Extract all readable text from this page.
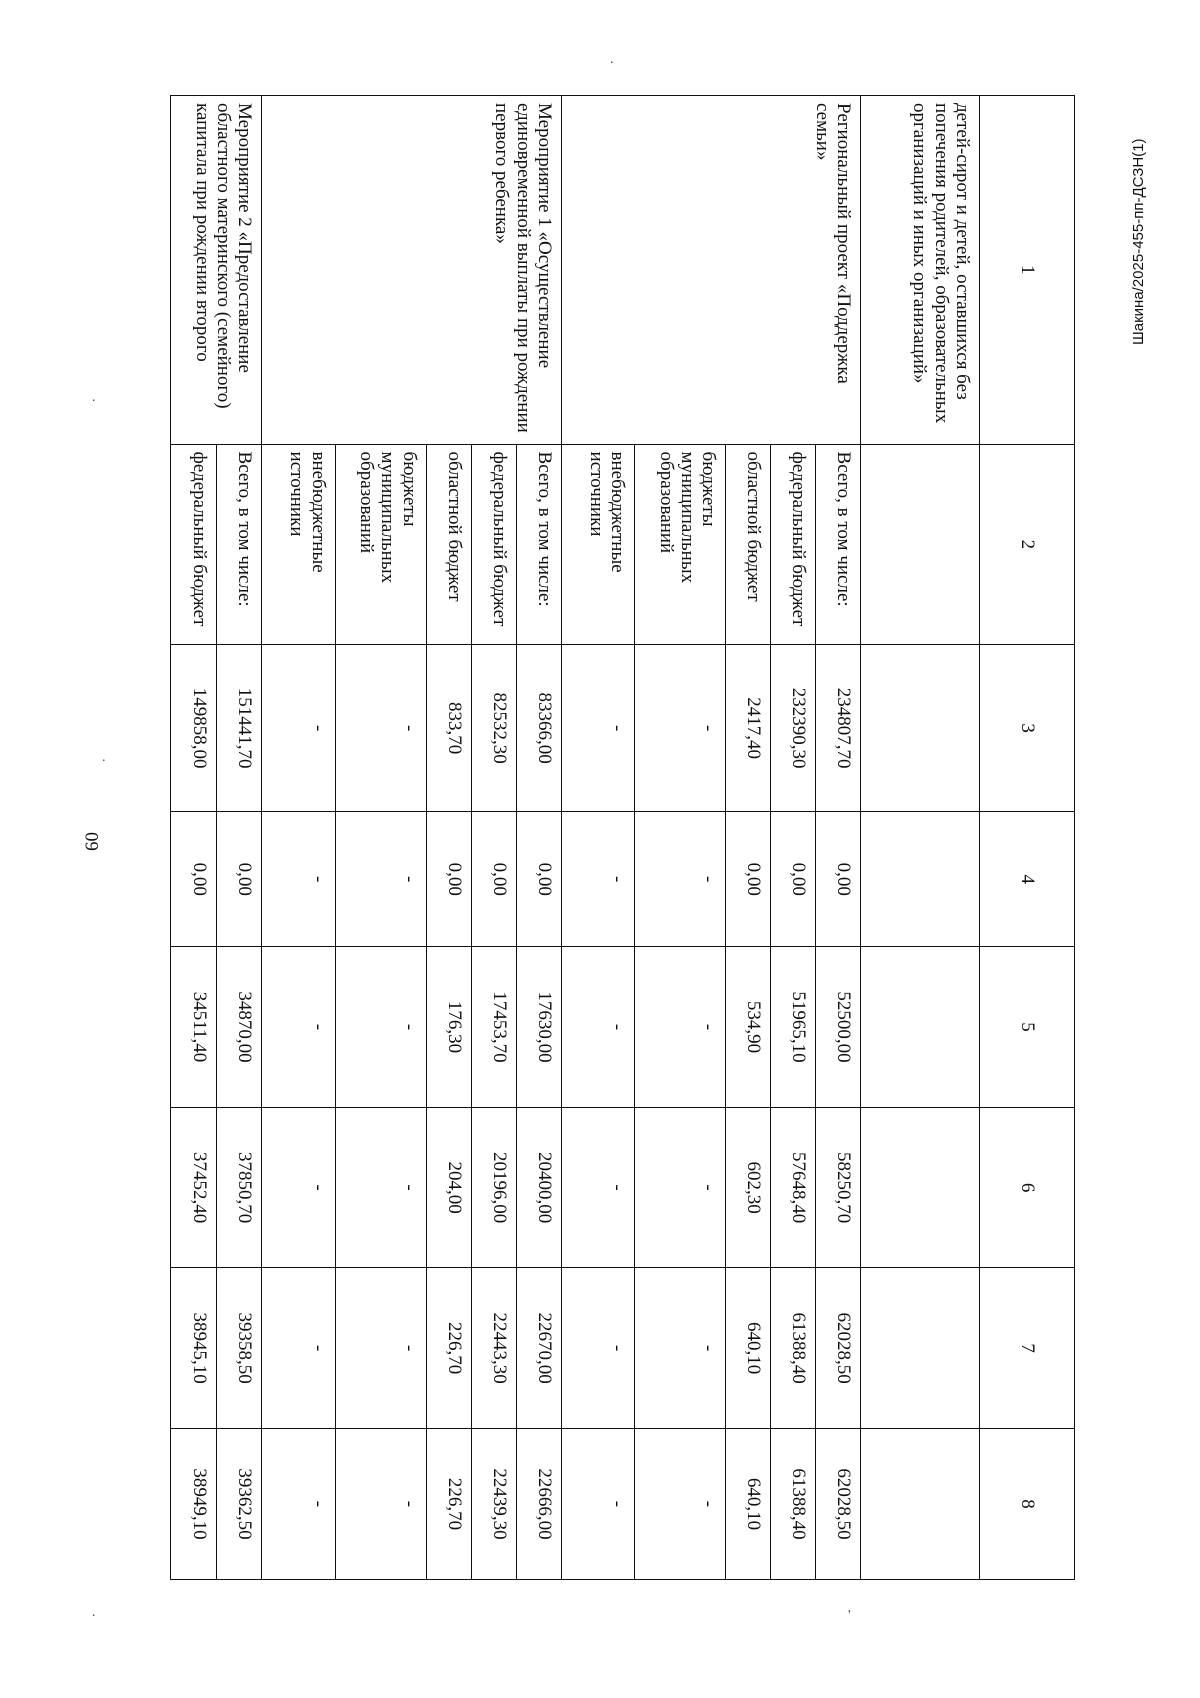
60
Шакина/2025-455-пп-ДСЗН(1)
.
.
.
.
'
1	2	3	4	5	6	7	8
детей-сирот и детей, оставшихся без попечения родителей, образовательных организаций и иных организаций»							
Региональный проект «Поддержка семьи»	Всего, в том числе:	234807,70	0,00	52500,00	58250,70	62028,50	62028,50
	федеральный бюджет	232390,30	0,00	51965,10	57648,40	61388,40	61388,40
	областной бюджет	2417,40	0,00	534,90	602,30	640,10	640,10
	бюджеты муниципальных образований	-	-	-	-	-	-
	внебюджетные источники	-	-	-	-	-	-
Мероприятие 1 «Осуществление единовременной выплаты при рождении первого ребенка»	Всего, в том числе:	83366,00	0,00	17630,00	20400,00	22670,00	22666,00
	федеральный бюджет	82532,30	0,00	17453,70	20196,00	22443,30	22439,30
	областной бюджет	833,70	0,00	176,30	204,00	226,70	226,70
	бюджеты муниципальных образований	-	-	-	-	-	-
	внебюджетные источники	-	-	-	-	-	-
Мероприятие 2 «Предоставление областного материнского (семейного) капитала при рождении второго	Всего, в том числе:	151441,70	0,00	34870,00	37850,70	39358,50	39362,50
	федеральный бюджет	149858,00	0,00	34511,40	37452,40	38945,10	38949,10
